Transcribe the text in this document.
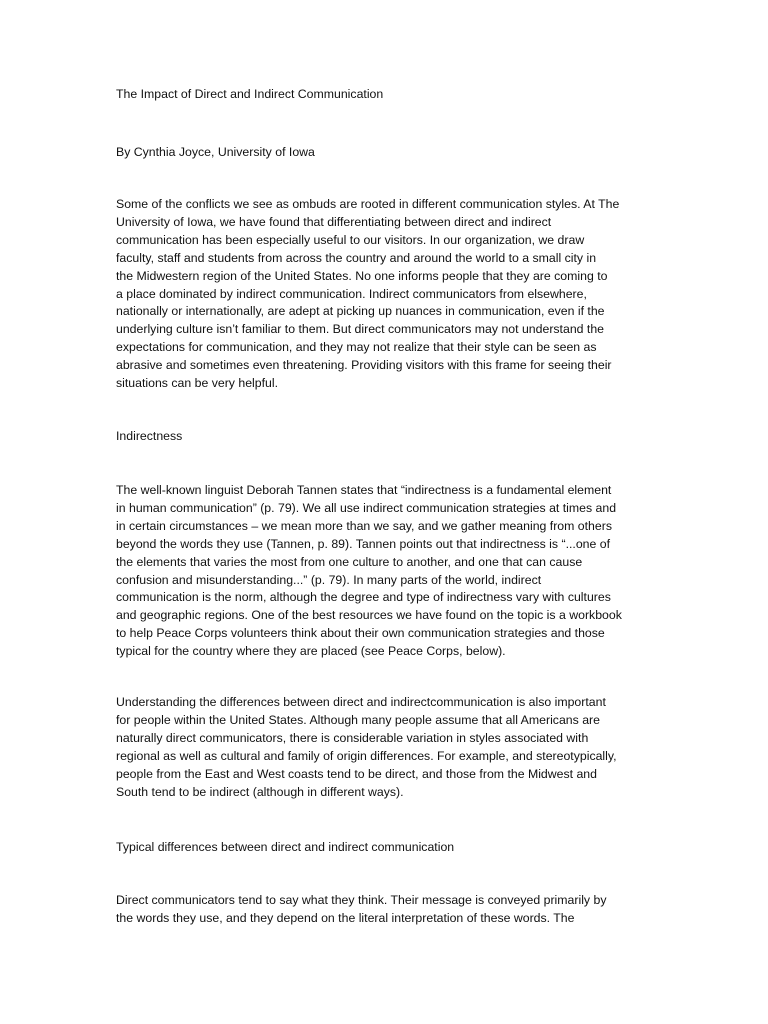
The Impact of Direct and Indirect Communication
By Cynthia Joyce, University of Iowa
Some of the conflicts we see as ombuds are rooted in different communication styles. At The
University of Iowa, we have found that differentiating between direct and indirect
communication has been especially useful to our visitors. In our organization, we draw
faculty, staff and students from across the country and around the world to a small city in
the Midwestern region of the United States. No one informs people that they are coming to
a place dominated by indirect communication. Indirect communicators from elsewhere,
nationally or internationally, are adept at picking up nuances in communication, even if the
underlying culture isn’t familiar to them. But direct communicators may not understand the
expectations for communication, and they may not realize that their style can be seen as
abrasive and sometimes even threatening. Providing visitors with this frame for seeing their
situations can be very helpful.
Indirectness
The well-known linguist Deborah Tannen states that “indirectness is a fundamental element
in human communication” (p. 79). We all use indirect communication strategies at times and
in certain circumstances – we mean more than we say, and we gather meaning from others
beyond the words they use (Tannen, p. 89). Tannen points out that indirectness is “...one of
the elements that varies the most from one culture to another, and one that can cause
confusion and misunderstanding...” (p. 79). In many parts of the world, indirect
communication is the norm, although the degree and type of indirectness vary with cultures
and geographic regions. One of the best resources we have found on the topic is a workbook
to help Peace Corps volunteers think about their own communication strategies and those
typical for the country where they are placed (see Peace Corps, below).
Understanding the differences between direct and indirectcommunication is also important
for people within the United States. Although many people assume that all Americans are
naturally direct communicators, there is considerable variation in styles associated with
regional as well as cultural and family of origin differences. For example, and stereotypically,
people from the East and West coasts tend to be direct, and those from the Midwest and
South tend to be indirect (although in different ways).
Typical differences between direct and indirect communication
Direct communicators tend to say what they think. Their message is conveyed primarily by
the words they use, and they depend on the literal interpretation of these words. The
